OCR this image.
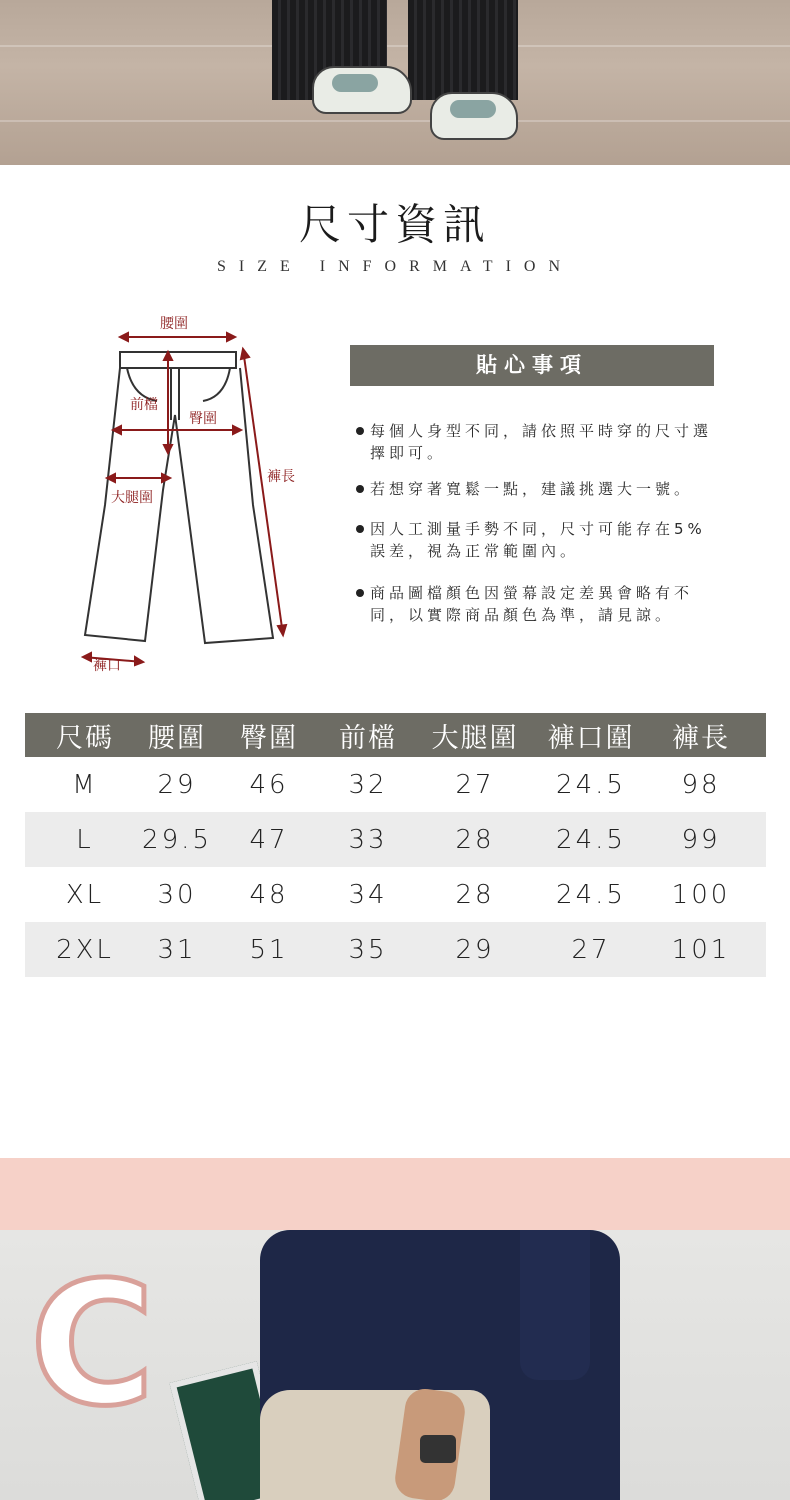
尺寸資訊
SIZE INFORMATION
腰圍
前檔
臀圍
大腿圍
褲長
褲口
貼心事項
每個人身型不同，請依照平時穿的尺寸選擇即可。
若想穿著寬鬆一點，建議挑選大一號。
因人工測量手勢不同，尺寸可能存在5%誤差，視為正常範圍內。
商品圖檔顏色因螢幕設定差異會略有不同，以實際商品顏色為準，請見諒。
尺碼	腰圍	臀圍	前檔	大腿圍	褲口圍	褲長
M	29	46	32	27	24.5	98
L	29.5	47	33	28	24.5	99
XL	30	48	34	28	24.5	100
2XL	31	51	35	29	27	101
C
